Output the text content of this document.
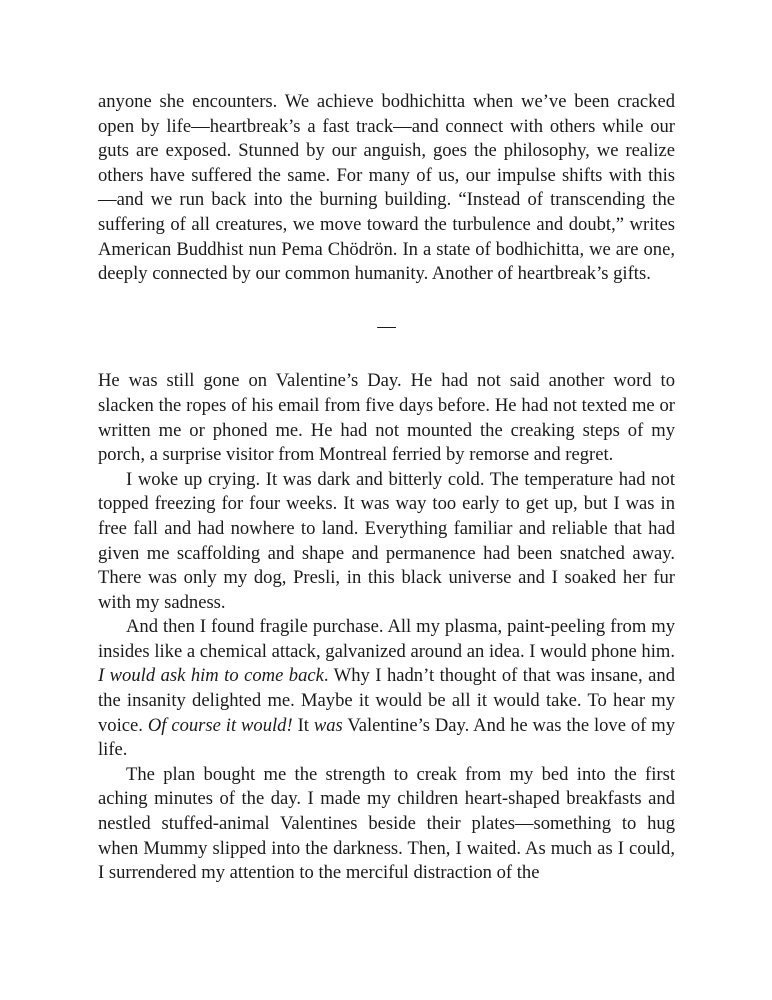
anyone she encounters. We achieve bodhichitta when we’ve been cracked open by life—heartbreak’s a fast track—and connect with others while our guts are exposed. Stunned by our anguish, goes the philosophy, we realize others have suffered the same. For many of us, our impulse shifts with this —and we run back into the burning building. “Instead of transcending the suffering of all creatures, we move toward the turbulence and doubt,” writes American Buddhist nun Pema Chödrön. In a state of bodhichitta, we are one, deeply connected by our common humanity. Another of heartbreak’s gifts.

—

He was still gone on Valentine’s Day. He had not said another word to slacken the ropes of his email from five days before. He had not texted me or written me or phoned me. He had not mounted the creaking steps of my porch, a surprise visitor from Montreal ferried by remorse and regret.

I woke up crying. It was dark and bitterly cold. The temperature had not topped freezing for four weeks. It was way too early to get up, but I was in free fall and had nowhere to land. Everything familiar and reliable that had given me scaffolding and shape and permanence had been snatched away. There was only my dog, Presli, in this black universe and I soaked her fur with my sadness.

And then I found fragile purchase. All my plasma, paint-peeling from my insides like a chemical attack, galvanized around an idea. I would phone him. I would ask him to come back. Why I hadn’t thought of that was insane, and the insanity delighted me. Maybe it would be all it would take. To hear my voice. Of course it would! It was Valentine’s Day. And he was the love of my life.

The plan bought me the strength to creak from my bed into the first aching minutes of the day. I made my children heart-shaped breakfasts and nestled stuffed-animal Valentines beside their plates—something to hug when Mummy slipped into the darkness. Then, I waited. As much as I could, I surrendered my attention to the merciful distraction of the
